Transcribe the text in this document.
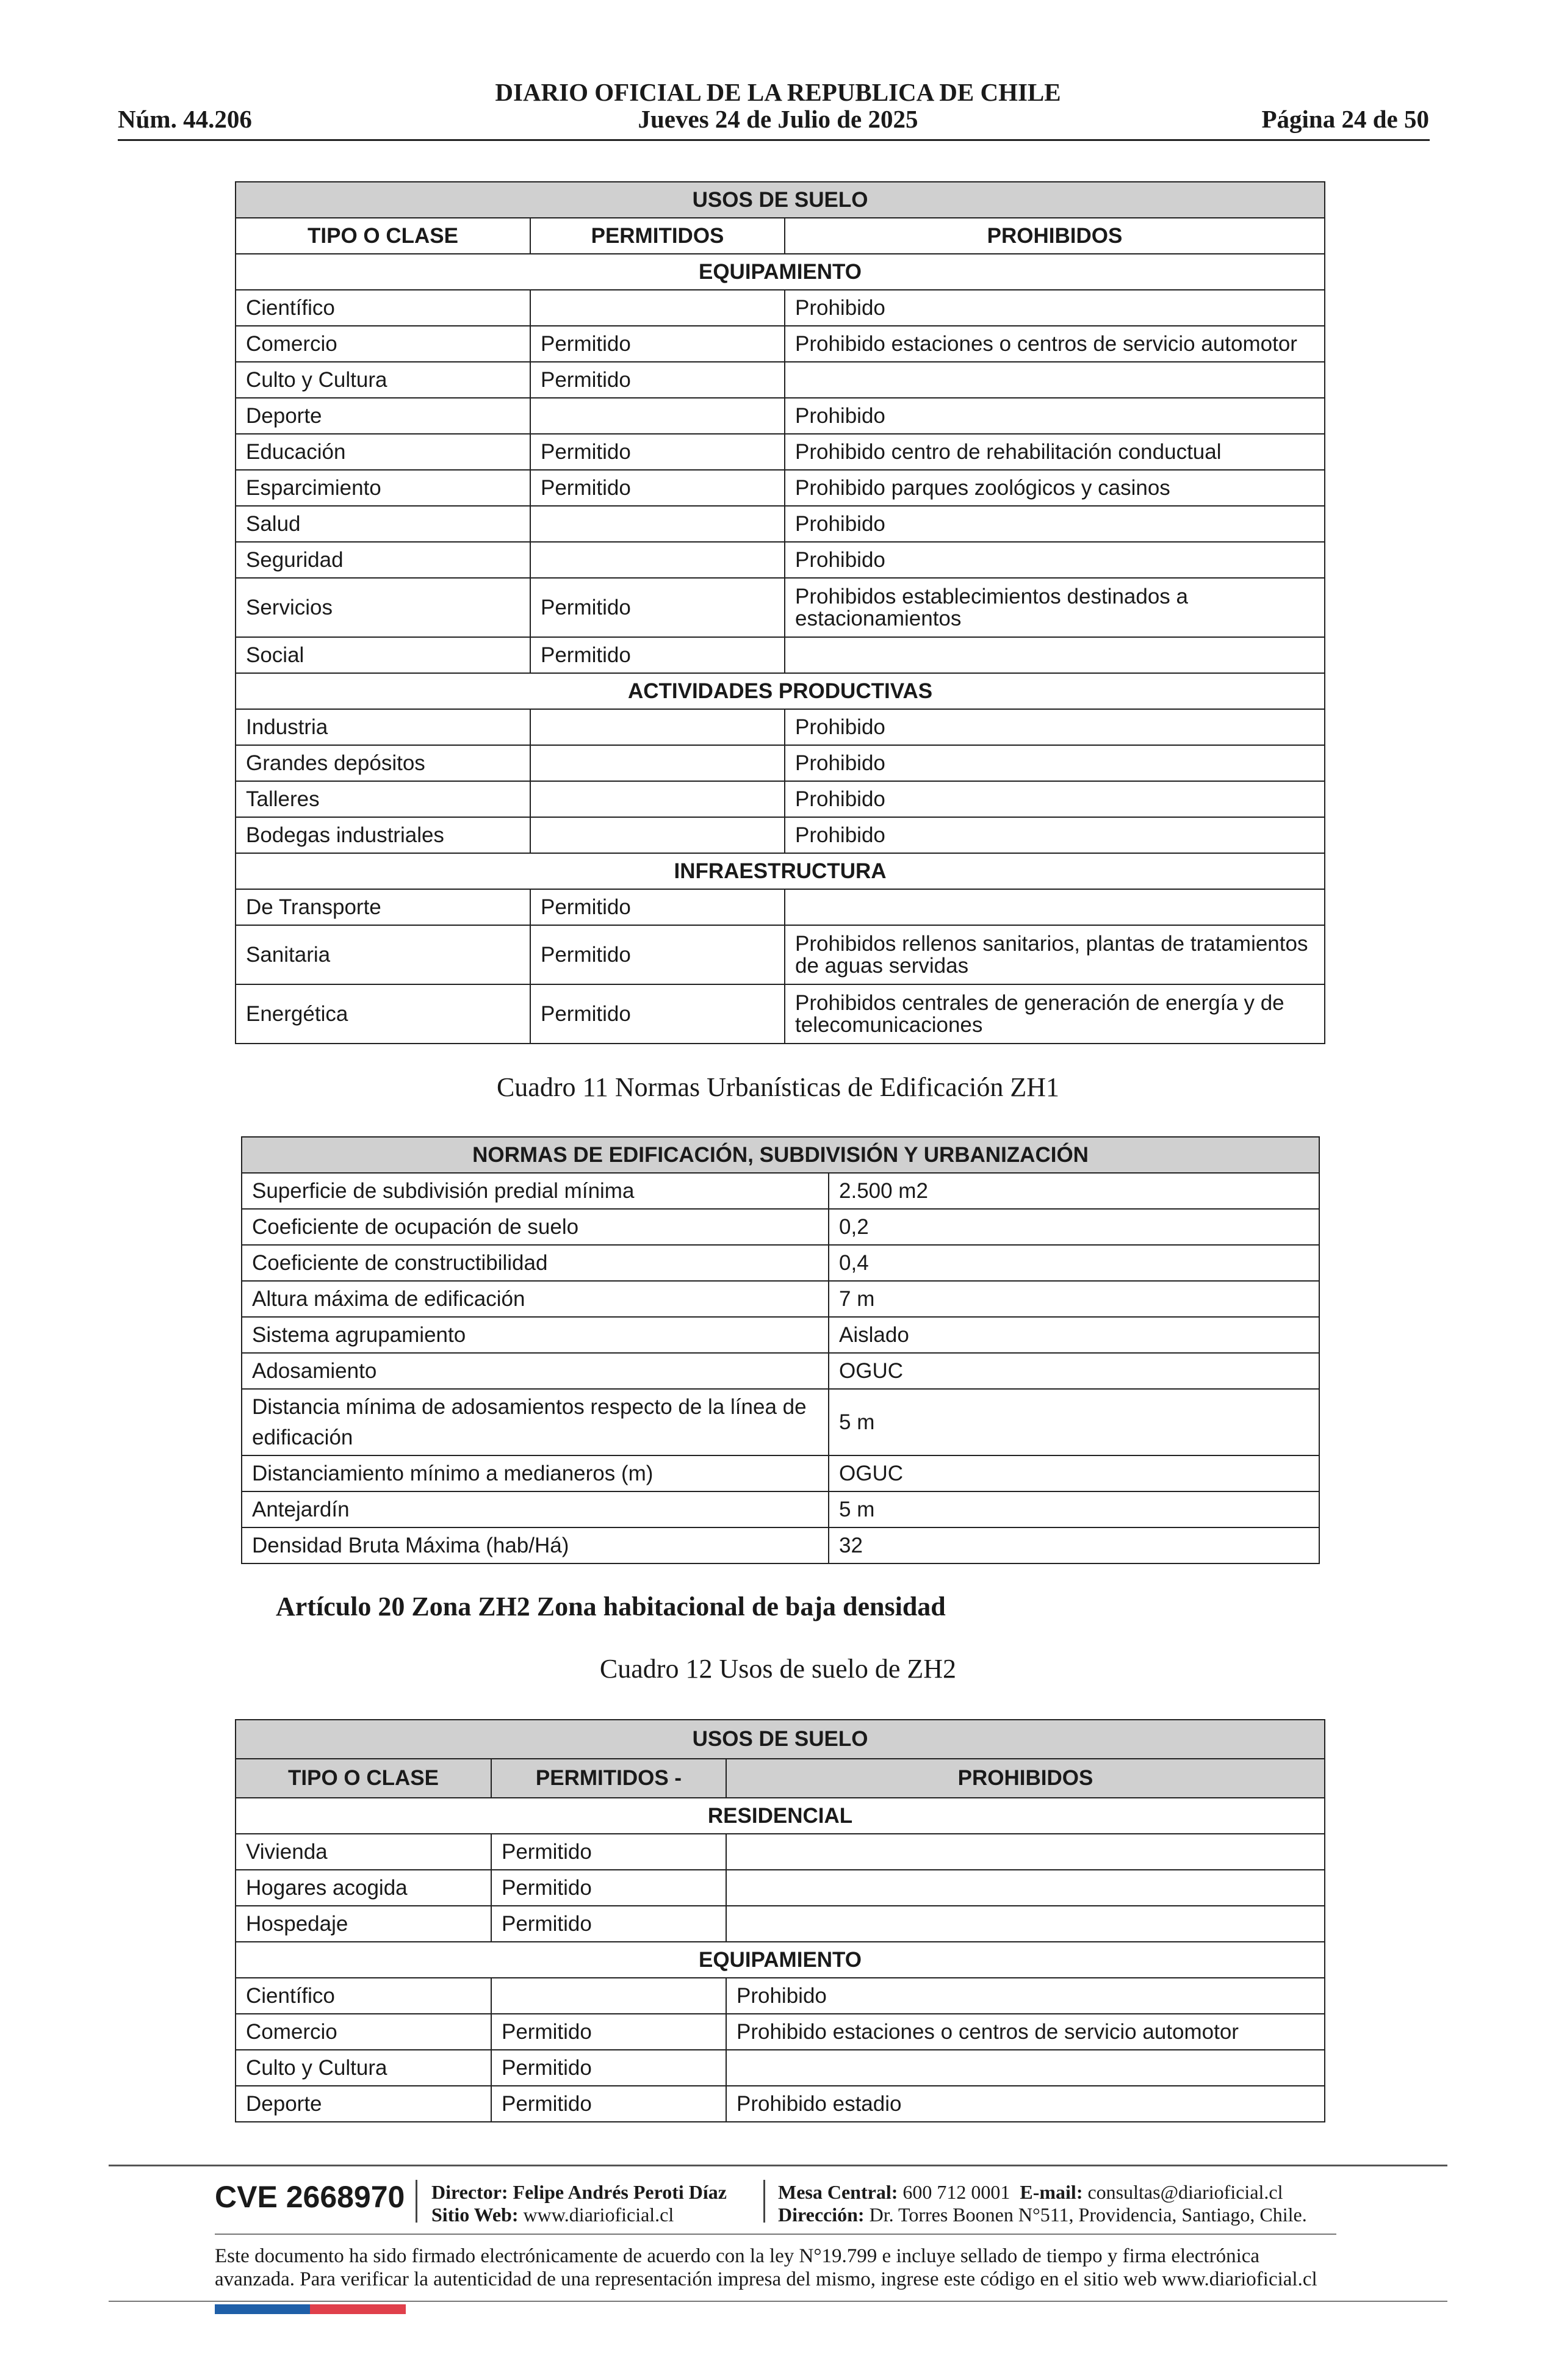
DIARIO OFICIAL DE LA REPUBLICA DE CHILE
Núm. 44.206	Jueves 24 de Julio de 2025	Página 24 de 50
USOS DE SUELO		
TIPO O CLASE	PERMITIDOS	PROHIBIDOS
EQUIPAMIENTO		
Científico		Prohibido
Comercio	Permitido	Prohibido estaciones o centros de servicio automotor
Culto y Cultura	Permitido	
Deporte		Prohibido
Educación	Permitido	Prohibido centro de rehabilitación conductual
Esparcimiento	Permitido	Prohibido parques zoológicos y casinos
Salud		Prohibido
Seguridad		Prohibido
Servicios	Permitido	Prohibidos establecimientos destinados a estacionamientos
Social	Permitido	
ACTIVIDADES PRODUCTIVAS		
Industria		Prohibido
Grandes depósitos		Prohibido
Talleres		Prohibido
Bodegas industriales		Prohibido
INFRAESTRUCTURA		
De Transporte	Permitido	
Sanitaria	Permitido	Prohibidos rellenos sanitarios, plantas de tratamientos de aguas servidas
Energética	Permitido	Prohibidos centrales de generación de energía y de telecomunicaciones
Cuadro 11 Normas Urbanísticas de Edificación ZH1
NORMAS DE EDIFICACIÓN, SUBDIVISIÓN Y URBANIZACIÓN	
Superficie de subdivisión predial mínima	2.500 m2
Coeficiente de ocupación de suelo	0,2
Coeficiente de constructibilidad	0,4
Altura máxima de edificación	7 m
Sistema agrupamiento	Aislado
Adosamiento	OGUC
Distancia mínima de adosamientos respecto de la línea de edificación	5 m
Distanciamiento mínimo a medianeros (m)	OGUC
Antejardín	5 m
Densidad Bruta Máxima (hab/Há)	32
Artículo 20 Zona ZH2 Zona habitacional de baja densidad
Cuadro 12 Usos de suelo de ZH2
USOS DE SUELO		
TIPO O CLASE	PERMITIDOS -	PROHIBIDOS
RESIDENCIAL		
Vivienda	Permitido	
Hogares acogida	Permitido	
Hospedaje	Permitido	
EQUIPAMIENTO		
Científico		Prohibido
Comercio	Permitido	Prohibido estaciones o centros de servicio automotor
Culto y Cultura	Permitido	
Deporte	Permitido	Prohibido estadio
CVE 2668970 Director: Felipe Andrés Peroti Díaz
Sitio Web: www.diarioficial.cl
Mesa Central: 600 712 0001 E-mail: consultas@diarioficial.cl
Dirección: Dr. Torres Boonen N°511, Providencia, Santiago, Chile.
Este documento ha sido firmado electrónicamente de acuerdo con la ley N°19.799 e incluye sellado de tiempo y firma electrónica avanzada. Para verificar la autenticidad de una representación impresa del mismo, ingrese este código en el sitio web www.diarioficial.cl
